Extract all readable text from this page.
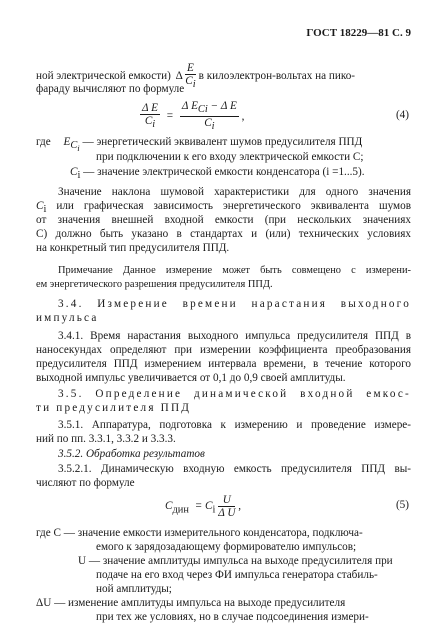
ГОСТ 18229—81 С. 9
ной электрической емкости) Δ $\frac{E}{C_i}$ в килоэлектрон-вольтах на пико-
фараду вычисляют по формуле
$\frac{\text{Δ E}}{C_i} = \frac{\Delta E_{Ci} - \Delta E}{C_i}$ ,	(4)
где $E_{C_i}$ — энергетический эквивалент шумов предусилителя ППД
при подключении к его входу электрической емкости C;
$C_i$ — значение электрической емкости конденсатора (i =1...5).
Значение наклона шумовой характеристики для одного значения
$C_i$ или графическая зависимость энергетического эквивалента шумов
от значения внешней входной емкости (при нескольких значениях
C) должно быть указано в стандартах и (или) технических условиях
на конкретный тип предусилителя ППД.
Примечание Данное измерение может быть совмещено с измерени-
ем энергетического разрешения предусилителя ППД.
3.4. Измерение времени нарастания выходного
импульса
3.4.1. Время нарастания выходного импульса предусилителя ППД в
наносекундах определяют при измерении коэффициента преобразования
предусилителя ППД измерением интервала времени, в течение которого
выходной импульс увеличивается от 0,1 до 0,9 своей амплитуды.
3.5. Определение динамической входной емкос-
ти предусилителя ППД
3.5.1. Аппаратура, подготовка к измерению и проведение измере-
ний по пп. 3.3.1, 3.3.2 и 3.3.3.
3.5.2. Обработка результатов
3.5.2.1. Динамическую входную емкость предусилителя ППД вы-
числяют по формуле
$C_{дин} = C_i \frac{U}{\text{Δ U}}$ ,	(5)
где C — значение емкости измерительного конденсатора, подключа-
емого к зарядозадающему формирователю импульсов;
U — значение амплитуды импульса на выходе предусилителя при
подаче на его вход через ФИ импульса генератора стабиль-
ной амплитуды;
ΔU — изменение амплитуды импульса на выходе предусилителя
при тех же условиях, но в случае подсоединения измери-
